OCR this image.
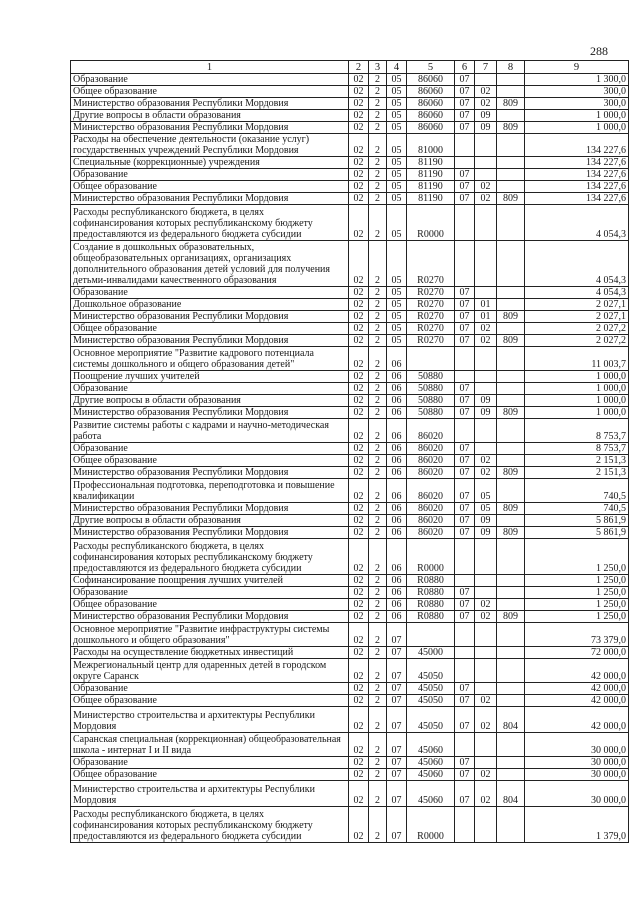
288
1	2	3	4	5	6	7	8	9
Образование	02	2	05	86060	07			1 300,0
Общее образование	02	2	05	86060	07	02		300,0
Министерство образования Республики Мордовия	02	2	05	86060	07	02	809	300,0
Другие вопросы в области образования	02	2	05	86060	07	09		1 000,0
Министерство образования Республики Мордовия	02	2	05	86060	07	09	809	1 000,0
Расходы на обеспечение деятельности (оказание услуг) государственных учреждений Республики Мордовия	02	2	05	81000				134 227,6
Специальные (коррекционные) учреждения	02	2	05	81190				134 227,6
Образование	02	2	05	81190	07			134 227,6
Общее образование	02	2	05	81190	07	02		134 227,6
Министерство образования Республики Мордовия	02	2	05	81190	07	02	809	134 227,6
Расходы республиканского бюджета, в целях софинансирования которых республиканскому бюджету предоставляются из федерального бюджета субсидии	02	2	05	R0000				4 054,3
Создание в дошкольных образовательных, общеобразовательных организациях, организациях дополнительного образования детей условий для получения детьми-инвалидами качественного образования	02	2	05	R0270				4 054,3
Образование	02	2	05	R0270	07			4 054,3
Дошкольное образование	02	2	05	R0270	07	01		2 027,1
Министерство образования Республики Мордовия	02	2	05	R0270	07	01	809	2 027,1
Общее образование	02	2	05	R0270	07	02		2 027,2
Министерство образования Республики Мордовия	02	2	05	R0270	07	02	809	2 027,2
Основное мероприятие "Развитие кадрового потенциала системы дошкольного и общего образования детей"	02	2	06					11 003,7
Поощрение лучших учителей	02	2	06	50880				1 000,0
Образование	02	2	06	50880	07			1 000,0
Другие вопросы в области образования	02	2	06	50880	07	09		1 000,0
Министерство образования Республики Мордовия	02	2	06	50880	07	09	809	1 000,0
Развитие системы работы с кадрами и научно-методическая работа	02	2	06	86020				8 753,7
Образование	02	2	06	86020	07			8 753,7
Общее образование	02	2	06	86020	07	02		2 151,3
Министерство образования Республики Мордовия	02	2	06	86020	07	02	809	2 151,3
Профессиональная подготовка, переподготовка и повышение квалификации	02	2	06	86020	07	05		740,5
Министерство образования Республики Мордовия	02	2	06	86020	07	05	809	740,5
Другие вопросы в области образования	02	2	06	86020	07	09		5 861,9
Министерство образования Республики Мордовия	02	2	06	86020	07	09	809	5 861,9
Расходы республиканского бюджета, в целях софинансирования которых республиканскому бюджету предоставляются из федерального бюджета субсидии	02	2	06	R0000				1 250,0
Софинансирование поощрения лучших учителей	02	2	06	R0880				1 250,0
Образование	02	2	06	R0880	07			1 250,0
Общее образование	02	2	06	R0880	07	02		1 250,0
Министерство образования Республики Мордовия	02	2	06	R0880	07	02	809	1 250,0
Основное мероприятие "Развитие инфраструктуры системы дошкольного и общего образования"	02	2	07					73 379,0
Расходы на осуществление бюджетных инвестиций	02	2	07	45000				72 000,0
Межрегиональный центр для одаренных детей в городском округе Саранск	02	2	07	45050				42 000,0
Образование	02	2	07	45050	07			42 000,0
Общее образование	02	2	07	45050	07	02		42 000,0
Министерство строительства и архитектуры Республики Мордовия	02	2	07	45050	07	02	804	42 000,0
Саранская специальная (коррекционная) общеобразовательная школа - интернат I и II вида	02	2	07	45060				30 000,0
Образование	02	2	07	45060	07			30 000,0
Общее образование	02	2	07	45060	07	02		30 000,0
Министерство строительства и архитектуры Республики Мордовия	02	2	07	45060	07	02	804	30 000,0
Расходы республиканского бюджета, в целях софинансирования которых республиканскому бюджету предоставляются из федерального бюджета субсидии	02	2	07	R0000				1 379,0
